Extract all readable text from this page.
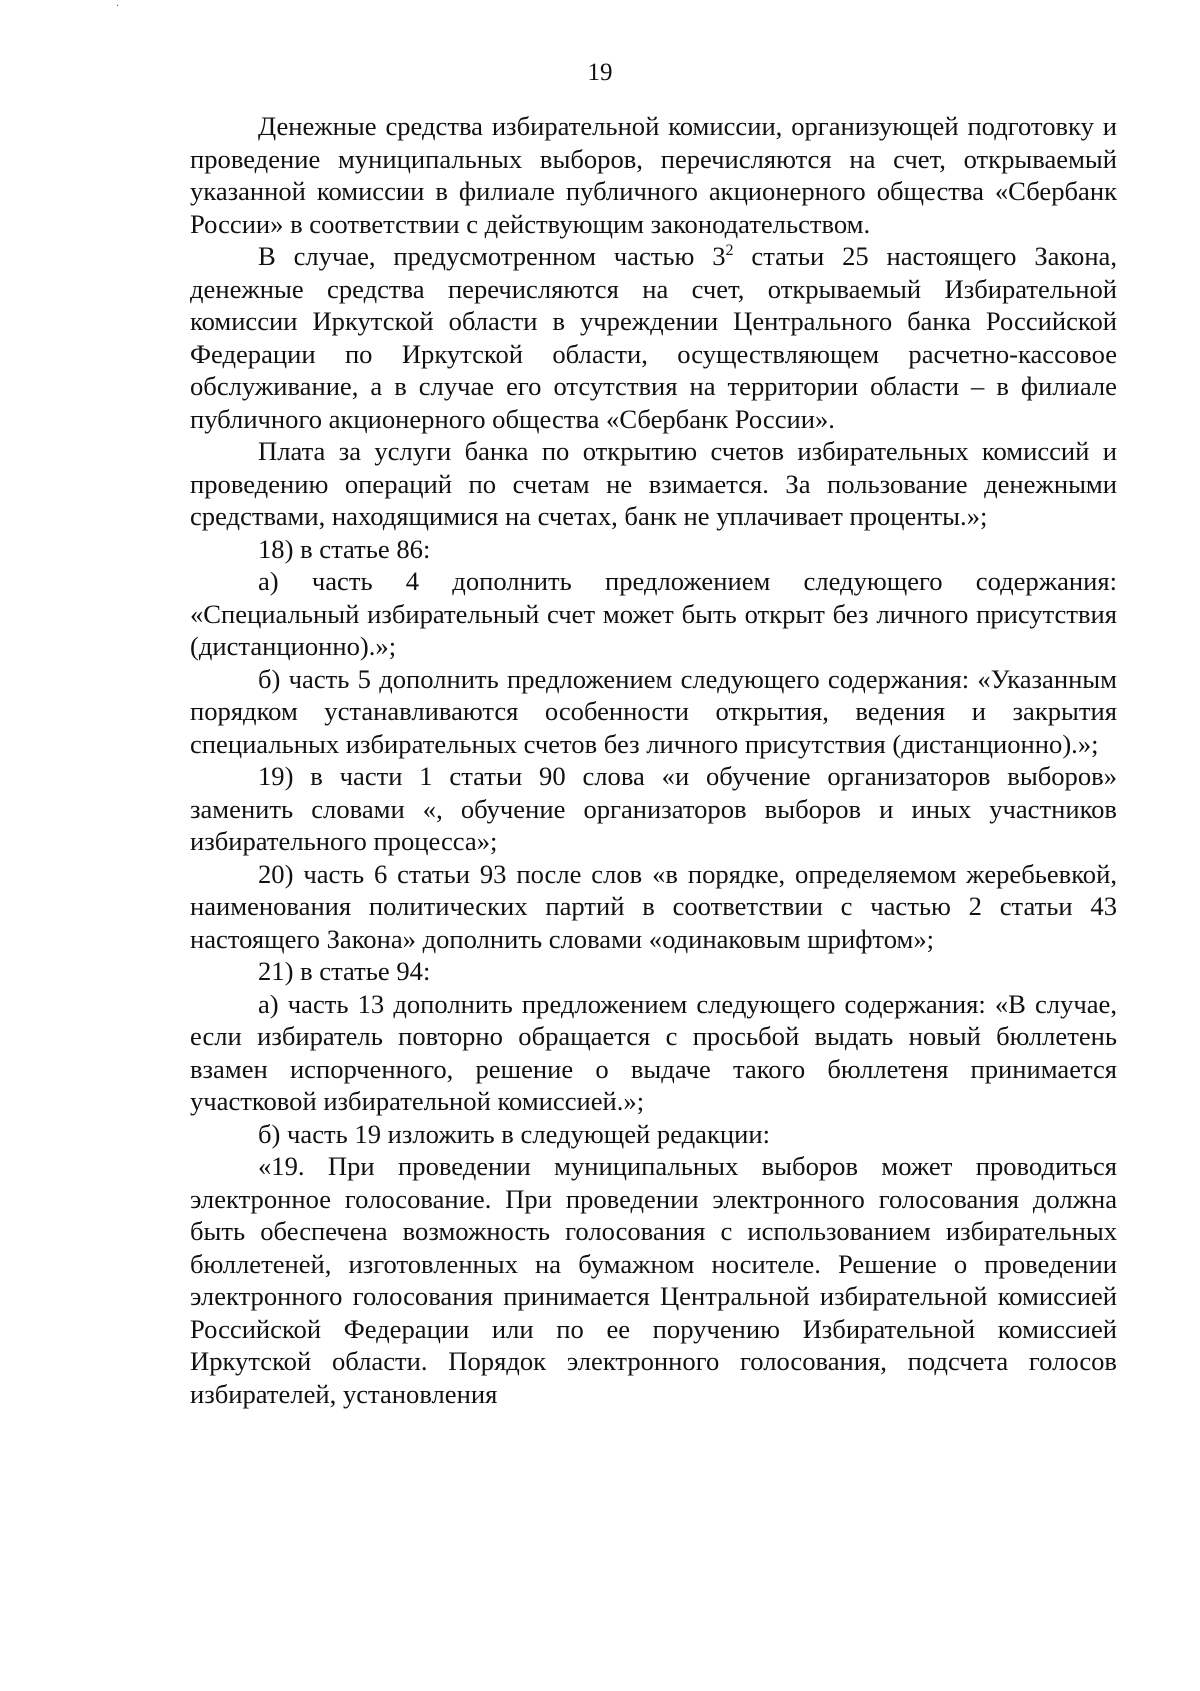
·
19

Денежные средства избирательной комиссии, организующей подготовку и проведение муниципальных выборов, перечисляются на счет, открываемый указанной комиссии в филиале публичного акционерного общества «Сбербанк России» в соответствии с действующим законодательством.

В случае, предусмотренном частью $3^2$ статьи 25 настоящего Закона, денежные средства перечисляются на счет, открываемый Избирательной комиссии Иркутской области в учреждении Центрального банка Российской Федерации по Иркутской области, осуществляющем расчетно-кассовое обслуживание, а в случае его отсутствия на территории области – в филиале публичного акционерного общества «Сбербанк России».

Плата за услуги банка по открытию счетов избирательных комиссий и проведению операций по счетам не взимается. За пользование денежными средствами, находящимися на счетах, банк не уплачивает проценты.»;

18) в статье 86:

а) часть 4 дополнить предложением следующего содержания: «Специальный избирательный счет может быть открыт без личного присутствия (дистанционно).»;

б) часть 5 дополнить предложением следующего содержания: «Указанным порядком устанавливаются особенности открытия, ведения и закрытия специальных избирательных счетов без личного присутствия (дистанционно).»;

19) в части 1 статьи 90 слова «и обучение организаторов выборов» заменить словами «, обучение организаторов выборов и иных участников избирательного процесса»;

20) часть 6 статьи 93 после слов «в порядке, определяемом жеребьевкой, наименования политических партий в соответствии с частью 2 статьи 43 настоящего Закона» дополнить словами «одинаковым шрифтом»;

21) в статье 94:

а) часть 13 дополнить предложением следующего содержания: «В случае, если избиратель повторно обращается с просьбой выдать новый бюллетень взамен испорченного, решение о выдаче такого бюллетеня принимается участковой избирательной комиссией.»;

б) часть 19 изложить в следующей редакции:

«19. При проведении муниципальных выборов может проводиться электронное голосование. При проведении электронного голосования должна быть обеспечена возможность голосования с использованием избирательных бюллетеней, изготовленных на бумажном носителе. Решение о проведении электронного голосования принимается Центральной избирательной комиссией Российской Федерации или по ее поручению Избирательной комиссией Иркутской области. Порядок электронного голосования, подсчета голосов избирателей, установления
